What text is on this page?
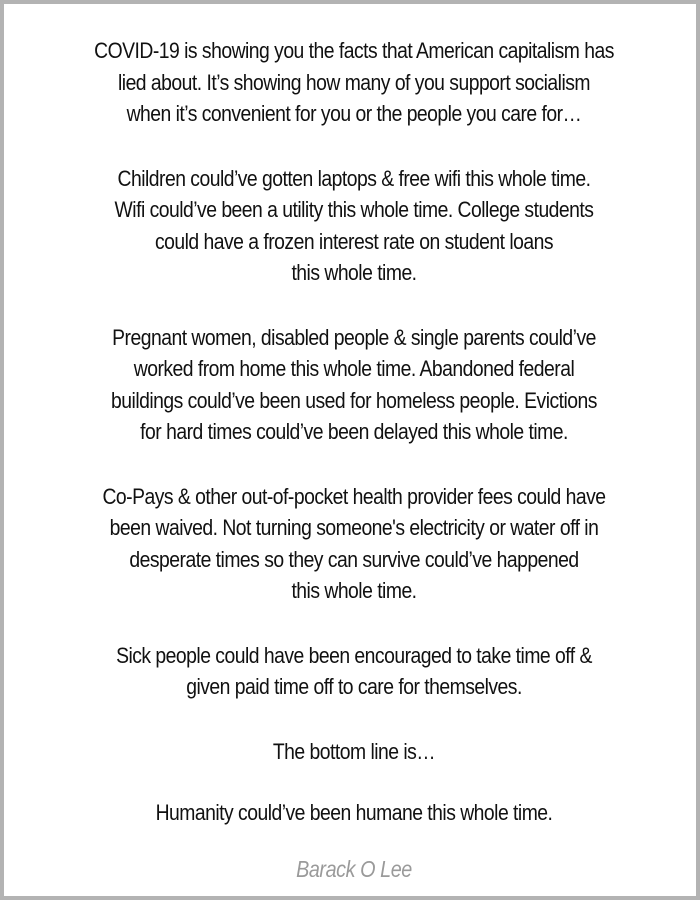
COVID-19 is showing you the facts that American capitalism has
lied about. It’s showing how many of you support socialism
when it’s convenient for you or the people you care for…

Children could’ve gotten laptops & free wifi this whole time.
Wifi could’ve been a utility this whole time. College students
could have a frozen interest rate on student loans
this whole time.

Pregnant women, disabled people & single parents could’ve
worked from home this whole time. Abandoned federal
buildings could’ve been used for homeless people. Evictions
for hard times could’ve been delayed this whole time.

Co-Pays & other out-of-pocket health provider fees could have
been waived. Not turning someone's electricity or water off in
desperate times so they can survive could’ve happened
this whole time.

Sick people could have been encouraged to take time off &
given paid time off to care for themselves.

The bottom line is…

Humanity could’ve been humane this whole time.

Barack O Lee
